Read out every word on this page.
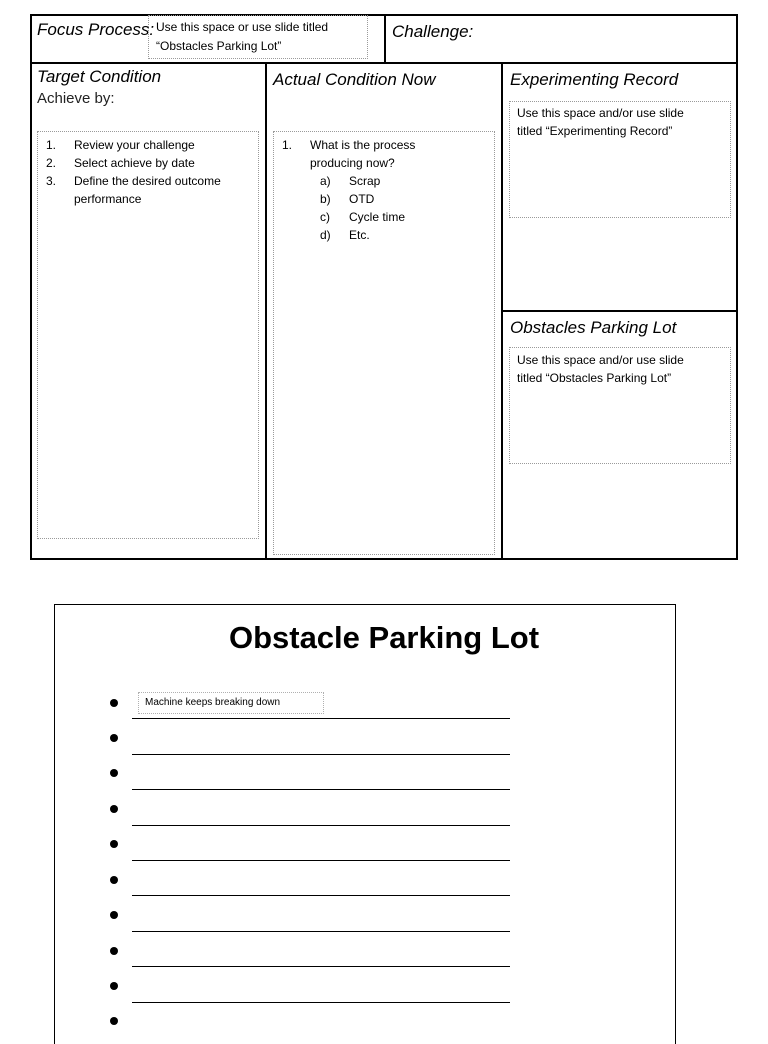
Focus Process: Use this space or use slide titled
“Obstacles Parking Lot”
Challenge:
Target Condition
Achieve by:
1. Review your challenge
2. Select achieve by date
3. Define the desired outcome
performance
Actual Condition Now
1. What is the process
producing now?
a) Scrap
b) OTD
c) Cycle time
d) Etc.
Experimenting Record
Use this space and/or use slide
titled “Experimenting Record”
Obstacles Parking Lot
Use this space and/or use slide
titled “Obstacles Parking Lot”
Obstacle Parking Lot
Machine keeps breaking down
